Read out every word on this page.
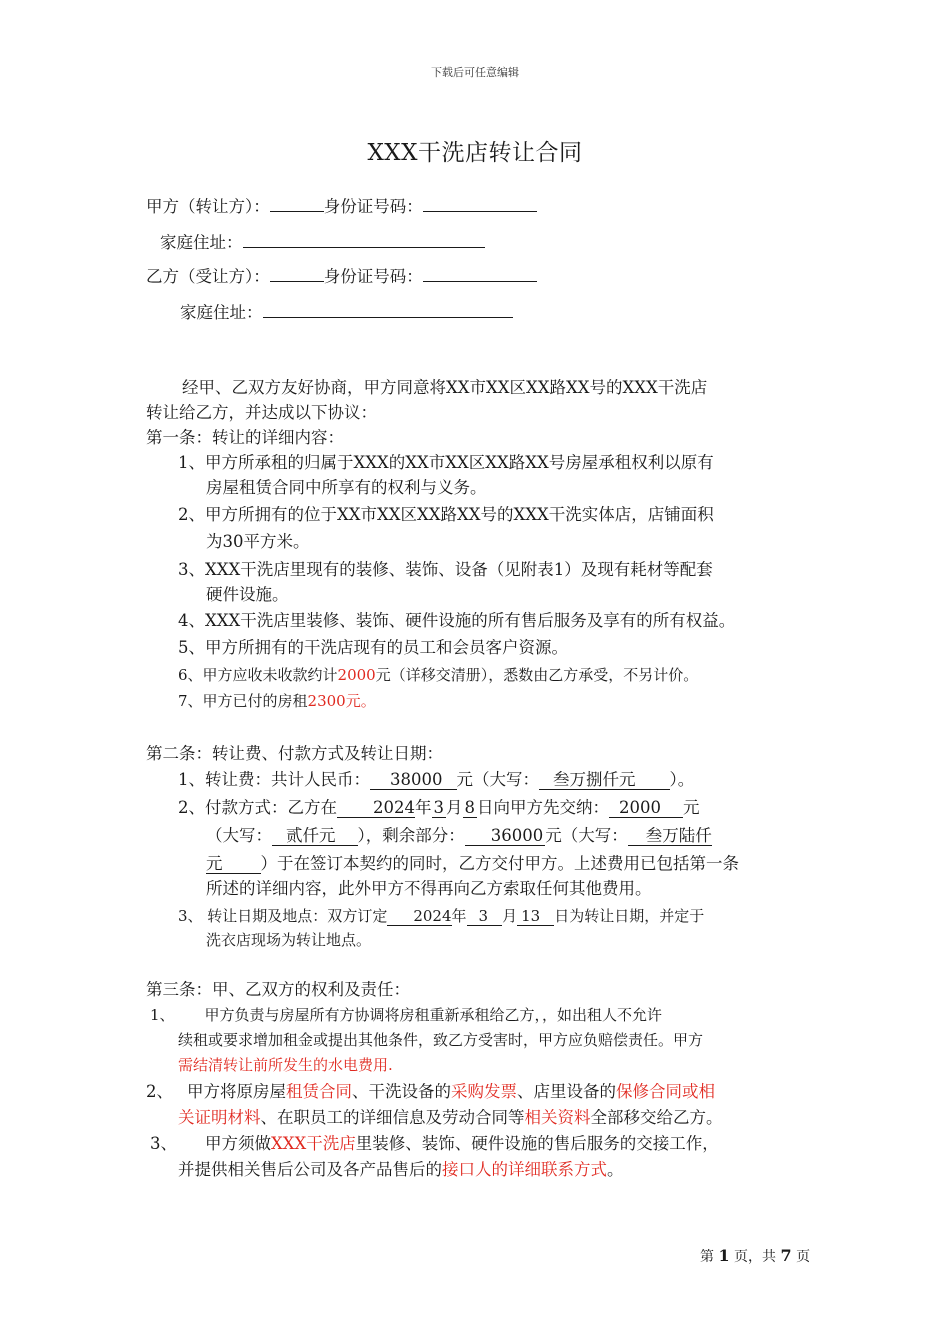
下载后可任意编辑
XXX干洗店转让合同
甲方（转让方）：	身份证号码：
家庭住址：
乙方（受让方）：	身份证号码：
家庭住址：
经甲、乙双方友好协商，甲方同意将XX市XX区XX路XX号的XXX干洗店
转让给乙方，并达成以下协议：
第一条：转让的详细内容：
1、甲方所承租的归属于XXX的XX市XX区XX路XX号房屋承租权利以原有
房屋租赁合同中所享有的权利与义务。
2、甲方所拥有的位于XX市XX区XX路XX号的XXX干洗实体店，店铺面积
为30平方米。
3、XXX干洗店里现有的装修、装饰、设备（见附表1）及现有耗材等配套
硬件设施。
4、XXX干洗店里装修、装饰、硬件设施的所有售后服务及享有的所有权益。
5、甲方所拥有的干洗店现有的员工和会员客户资源。
6、甲方应收未收款约计2000元（详移交清册），悉数由乙方承受，不另计价。
7、甲方已付的房租2300元。
第二条：转让费、付款方式及转让日期：
1、转让费：共计人民币： 38000 元（大写： 叁万捌仟元 ）。
2、付款方式：乙方在 2024年 3 月 8 日向甲方先交纳： 2000 元
（大写： 贰仟元 ），剩余部分： 36000 元（大写： 叁万陆仟
元 ）于在签订本契约的同时，乙方交付甲方。上述费用已包括第一条
所述的详细内容，此外甲方不得再向乙方索取任何其他费用。
3、 转让日期及地点：双方订定 2024年 3 月 13 日为转让日期，并定于
洗衣店现场为转让地点。
第三条：甲、乙双方的权利及责任：
1、 甲方负责与房屋所有方协调将房租重新承租给乙方，，如出租人不允许
续租或要求增加租金或提出其他条件，致乙方受害时，甲方应负赔偿责任。甲方
需结清转让前所发生的水电费用.
2、 甲方将原房屋租赁合同、干洗设备的采购发票、店里设备的保修合同或相
关证明材料、在职员工的详细信息及劳动合同等相关资料全部移交给乙方。
3、 甲方须做XXX干洗店里装修、装饰、硬件设施的售后服务的交接工作，
并提供相关售后公司及各产品售后的接口人的详细联系方式。
第 1 页，共 7 页
